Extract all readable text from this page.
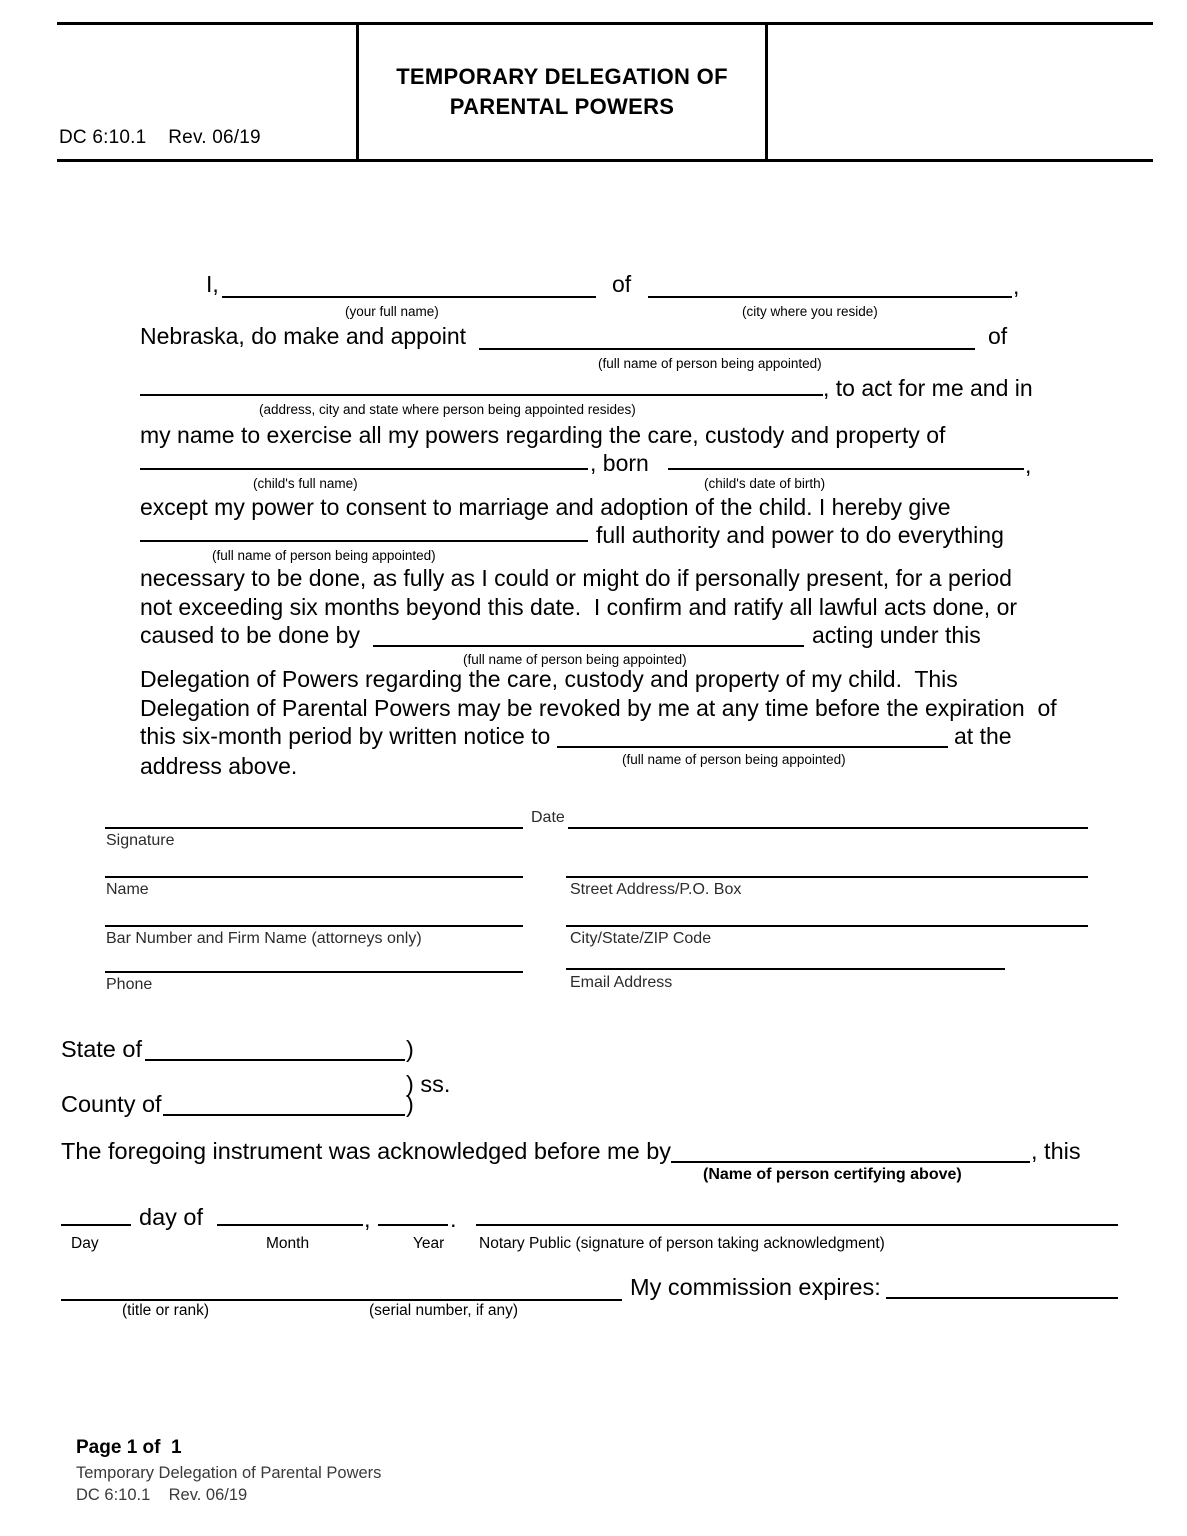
DC 6:10.1    Rev. 06/19
TEMPORARY DELEGATION OF
PARENTAL POWERS
I,
(your full name)
of	,
(city where you reside)
Nebraska, do make and appoint	of
(full name of person being appointed)
, to act for me and in
(address, city and state where person being appointed resides)
my name to exercise all my powers regarding the care, custody and property of
, born	,
(child's full name)	(child's date of birth)
except my power to consent to marriage and adoption of the child. I hereby give
full authority and power to do everything
(full name of person being appointed)
necessary to be done, as fully as I could or might do if personally present, for a period
not exceeding six months beyond this date.  I confirm and ratify all lawful acts done, or
caused to be done by	acting under this
(full name of person being appointed)
Delegation of Powers regarding the care, custody and property of my child.  This
Delegation of Parental Powers may be revoked by me at any time before the expiration  of
this six-month period by written notice to	at the
(full name of person being appointed)
address above.
Signature
Date
Name	Street Address/P.O. Box
Bar Number and Firm Name (attorneys only)	City/State/ZIP Code
Phone	Email Address
State of	)
) ss.
County of	)
The foregoing instrument was acknowledged before me by	, this
(Name of person certifying above)
Day
day of	,
Month
.
Year Notary Public (signature of person taking acknowledgment)
(title or rank)	(serial number, if any)
My commission expires:
Page 1 of  1
Temporary Delegation of Parental Powers
DC 6:10.1    Rev. 06/19
